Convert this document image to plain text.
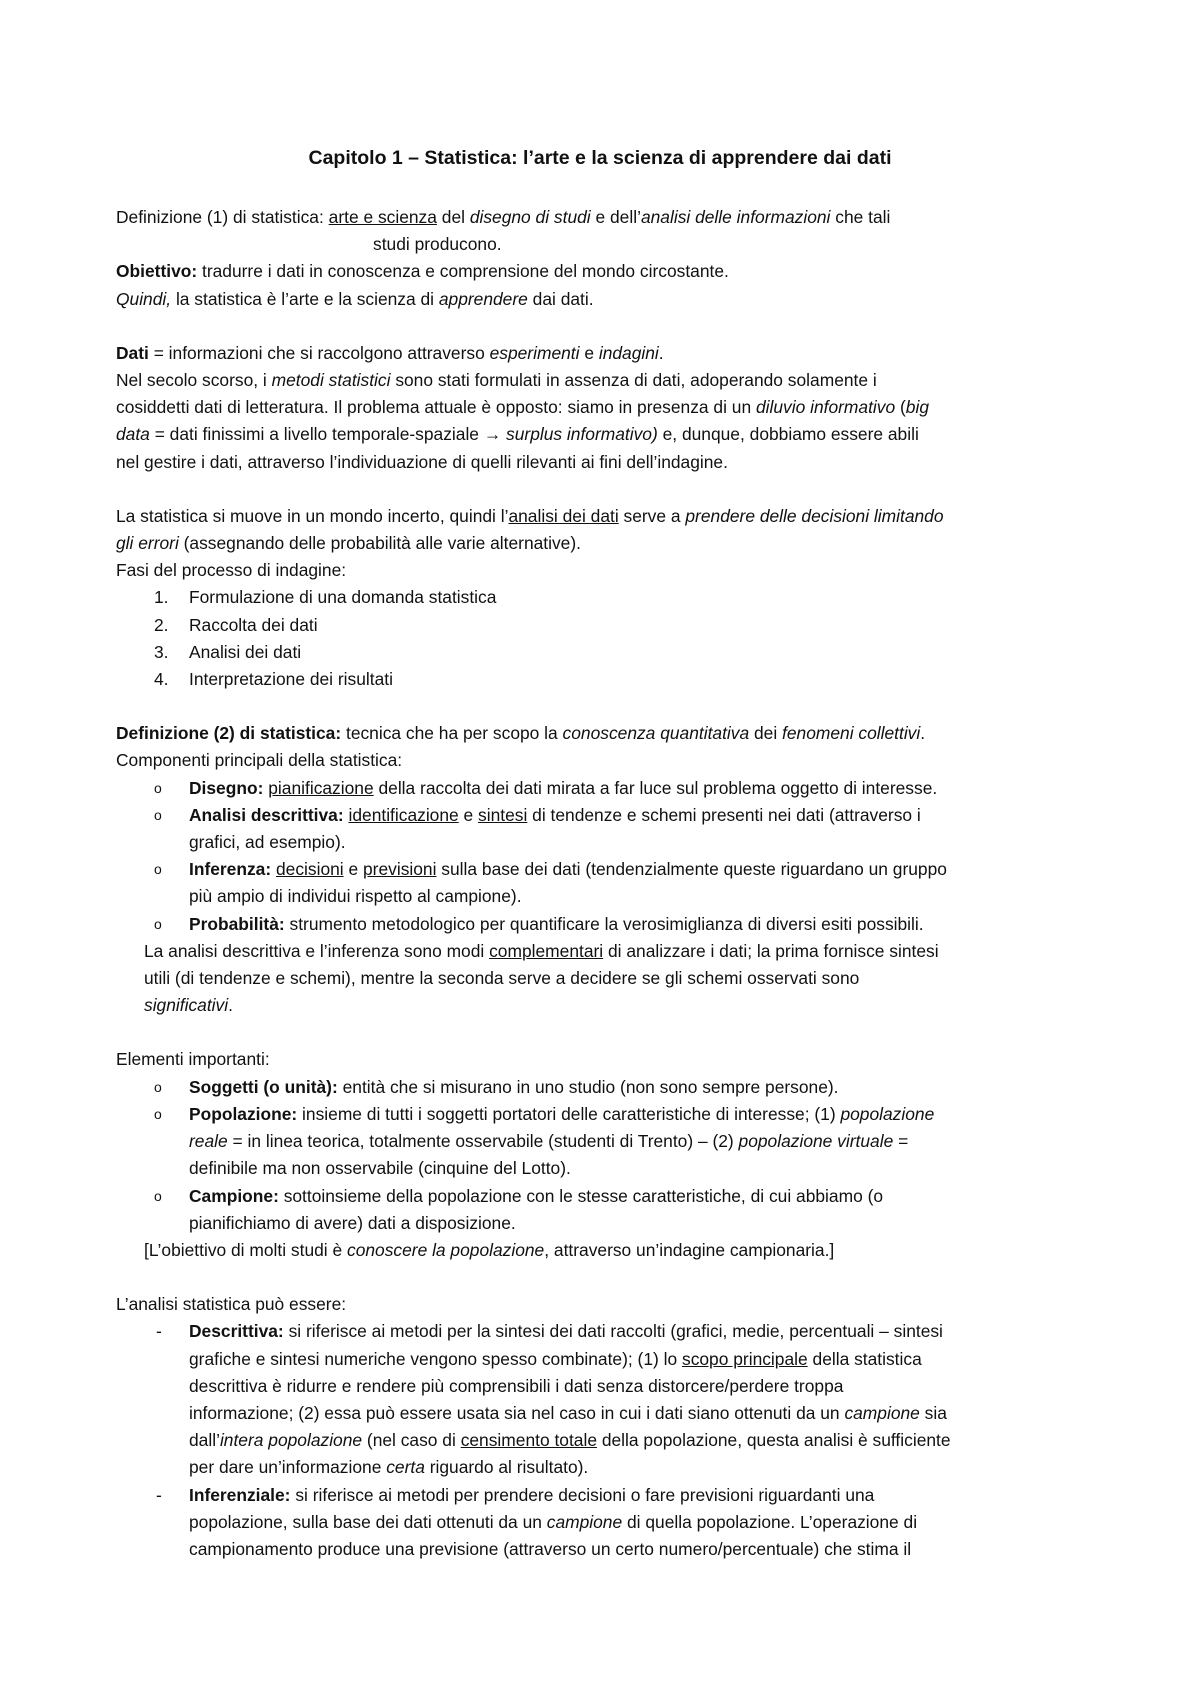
Capitolo 1 – Statistica: l’arte e la scienza di apprendere dai dati
Definizione (1) di statistica: arte e scienza del disegno di studi e dell’analisi delle informazioni che tali
studi producono.
Obiettivo: tradurre i dati in conoscenza e comprensione del mondo circostante.
Quindi, la statistica è l’arte e la scienza di apprendere dai dati.
Dati = informazioni che si raccolgono attraverso esperimenti e indagini.
Nel secolo scorso, i metodi statistici sono stati formulati in assenza di dati, adoperando solamente i
cosiddetti dati di letteratura. Il problema attuale è opposto: siamo in presenza di un diluvio informativo (big
data = dati finissimi a livello temporale-spaziale → surplus informativo) e, dunque, dobbiamo essere abili
nel gestire i dati, attraverso l’individuazione di quelli rilevanti ai fini dell’indagine.
La statistica si muove in un mondo incerto, quindi l’analisi dei dati serve a prendere delle decisioni limitando
gli errori (assegnando delle probabilità alle varie alternative).
Fasi del processo di indagine:
1. Formulazione di una domanda statistica
2. Raccolta dei dati
3. Analisi dei dati
4. Interpretazione dei risultati
Definizione (2) di statistica: tecnica che ha per scopo la conoscenza quantitativa dei fenomeni collettivi.
Componenti principali della statistica:
o Disegno: pianificazione della raccolta dei dati mirata a far luce sul problema oggetto di interesse.
o Analisi descrittiva: identificazione e sintesi di tendenze e schemi presenti nei dati (attraverso i
grafici, ad esempio).
o Inferenza: decisioni e previsioni sulla base dei dati (tendenzialmente queste riguardano un gruppo
più ampio di individui rispetto al campione).
o Probabilità: strumento metodologico per quantificare la verosimiglianza di diversi esiti possibili.
La analisi descrittiva e l’inferenza sono modi complementari di analizzare i dati; la prima fornisce sintesi
utili (di tendenze e schemi), mentre la seconda serve a decidere se gli schemi osservati sono
significativi.
Elementi importanti:
o Soggetti (o unità): entità che si misurano in uno studio (non sono sempre persone).
o Popolazione: insieme di tutti i soggetti portatori delle caratteristiche di interesse; (1) popolazione
reale = in linea teorica, totalmente osservabile (studenti di Trento) – (2) popolazione virtuale =
definibile ma non osservabile (cinquine del Lotto).
o Campione: sottoinsieme della popolazione con le stesse caratteristiche, di cui abbiamo (o
pianifichiamo di avere) dati a disposizione.
[L’obiettivo di molti studi è conoscere la popolazione, attraverso un’indagine campionaria.]
L’analisi statistica può essere:
- Descrittiva: si riferisce ai metodi per la sintesi dei dati raccolti (grafici, medie, percentuali – sintesi
grafiche e sintesi numeriche vengono spesso combinate); (1) lo scopo principale della statistica
descrittiva è ridurre e rendere più comprensibili i dati senza distorcere/perdere troppa
informazione; (2) essa può essere usata sia nel caso in cui i dati siano ottenuti da un campione sia
dall’intera popolazione (nel caso di censimento totale della popolazione, questa analisi è sufficiente
per dare un’informazione certa riguardo al risultato).
- Inferenziale: si riferisce ai metodi per prendere decisioni o fare previsioni riguardanti una
popolazione, sulla base dei dati ottenuti da un campione di quella popolazione. L’operazione di
campionamento produce una previsione (attraverso un certo numero/percentuale) che stima il
